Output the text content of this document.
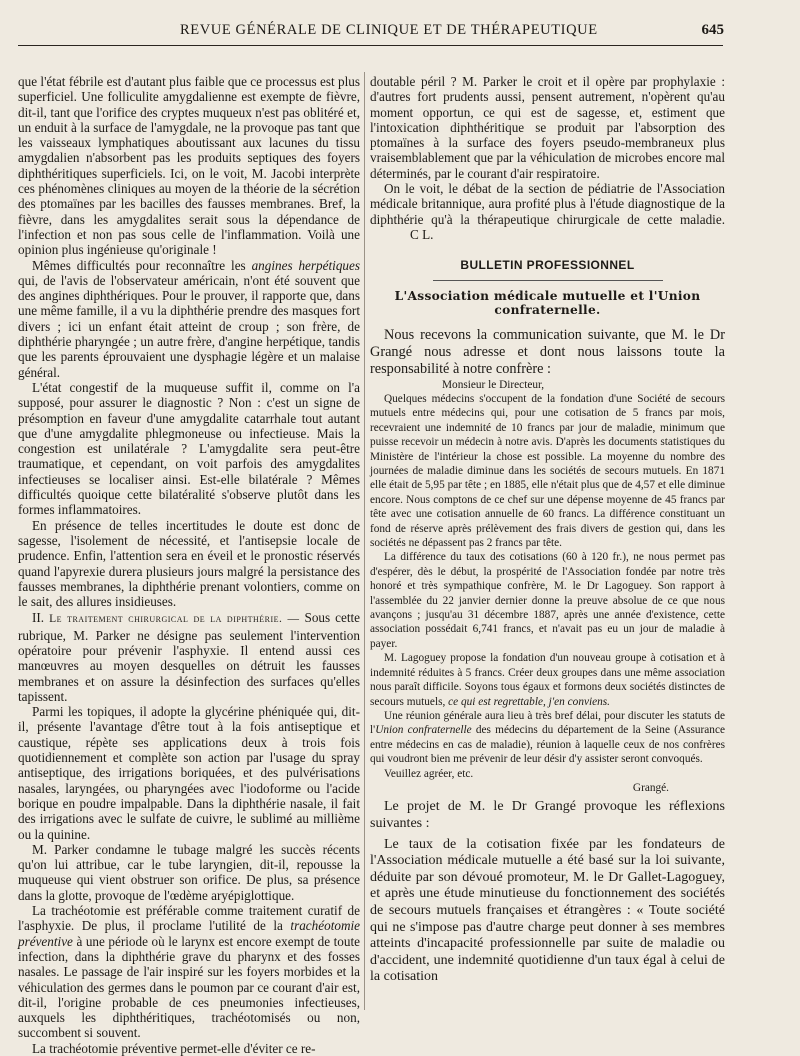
REVUE GÉNÉRALE DE CLINIQUE ET DE THÉRAPEUTIQUE	645

que l'état fébrile est d'autant plus faible que ce processus est plus superficiel. Une folliculite amygdalienne est exempte de fièvre, dit-il, tant que l'orifice des cryptes muqueux n'est pas oblitéré et, un enduit à la surface de l'amygdale, ne la provoque pas tant que les vaisseaux lymphatiques aboutissant aux lacunes du tissu amygdalien n'absorbent pas les produits septiques des foyers diphthéritiques superficiels. Ici, on le voit, M. Jacobi interprète ces phénomènes cliniques au moyen de la théorie de la sécrétion des ptomaïnes par les bacilles des fausses membranes. Bref, la fièvre, dans les amygdalites serait sous la dépendance de l'infection et non pas sous celle de l'inflammation. Voilà une opinion plus ingénieuse qu'originale !

Mêmes difficultés pour reconnaître les angines herpétiques qui, de l'avis de l'observateur américain, n'ont été souvent que des angines diphthériques. Pour le prouver, il rapporte que, dans une même famille, il a vu la diphthérie prendre des masques fort divers ; ici un enfant était atteint de croup ; son frère, de diphthérie pharyngée ; un autre frère, d'angine herpétique, tandis que les parents éprouvaient une dysphagie légère et un malaise général.

L'état congestif de la muqueuse suffit il, comme on l'a supposé, pour assurer le diagnostic ? Non : c'est un signe de présomption en faveur d'une amygdalite catarrhale tout autant que d'une amygdalite phlegmoneuse ou infectieuse. Mais la congestion est unilatérale ? L'amygdalite sera peut-être traumatique, et cependant, on voit parfois des amygdalites infectieuses se localiser ainsi. Est-elle bilatérale ? Mêmes difficultés quoique cette bilatéralité s'observe plutôt dans les formes inflammatoires.

En présence de telles incertitudes le doute est donc de sagesse, l'isolement de nécessité, et l'antisepsie locale de prudence. Enfin, l'attention sera en éveil et le pronostic réservés quand l'apyrexie durera plusieurs jours malgré la persistance des fausses membranes, la diphthérie prenant volontiers, comme on le sait, des allures insidieuses.

II. Le traitement chirurgical de la diphthérie. — Sous cette rubrique, M. Parker ne désigne pas seulement l'intervention opératoire pour prévenir l'asphyxie. Il entend aussi ces manœuvres au moyen desquelles on détruit les fausses membranes et on assure la désinfection des surfaces qu'elles tapissent.

Parmi les topiques, il adopte la glycérine phéniquée qui, dit-il, présente l'avantage d'être tout à la fois antiseptique et caustique, répète ses applications deux à trois fois quotidiennement et complète son action par l'usage du spray antiseptique, des irrigations boriquées, et des pulvérisations nasales, laryngées, ou pharyngées avec l'iodoforme ou l'acide borique en poudre impalpable. Dans la diphthérie nasale, il fait des irrigations avec le sulfate de cuivre, le sublimé au millième ou la quinine.

M. Parker condamne le tubage malgré les succès récents qu'on lui attribue, car le tube laryngien, dit-il, repousse la muqueuse qui vient obstruer son orifice. De plus, sa présence dans la glotte, provoque de l'œdème aryépiglottique.

La trachéotomie est préférable comme traitement curatif de l'asphyxie. De plus, il proclame l'utilité de la trachéotomie préventive à une période où le larynx est encore exempt de toute infection, dans la diphthérie grave du pharynx et des fosses nasales. Le passage de l'air inspiré sur les foyers morbides et la véhiculation des germes dans le poumon par ce courant d'air est, dit-il, l'origine probable de ces pneumonies infectieuses, auxquels les diphthéritiques, trachéotomisés ou non, succombent si souvent.

La trachéotomie préventive permet-elle d'éviter ce re-

doutable péril ? M. Parker le croit et il opère par prophylaxie : d'autres fort prudents aussi, pensent autrement, n'opèrent qu'au moment opportun, ce qui est de sagesse, et, estiment que l'intoxication diphthéritique se produit par l'absorption des ptomaïnes à la surface des foyers pseudo-membraneux plus vraisemblablement que par la véhiculation de microbes encore mal déterminés, par le courant d'air respiratoire.

On le voit, le débat de la section de pédiatrie de l'Association médicale britannique, aura profité plus à l'étude diagnostique de la diphthérie qu'à la thérapeutique chirurgicale de cette maladie. C L.

BULLETIN PROFESSIONNEL
L'Association médicale mutuelle et l'Union confraternelle.

Nous recevons la communication suivante, que M. le Dr Grangé nous adresse et dont nous laissons toute la responsabilité à notre confrère :

Monsieur le Directeur,

Quelques médecins s'occupent de la fondation d'une Société de secours mutuels entre médecins qui, pour une cotisation de 5 francs par mois, recevraient une indemnité de 10 francs par jour de maladie, minimum que puisse recevoir un médecin à notre avis. D'après les documents statistiques du Ministère de l'intérieur la chose est possible. La moyenne du nombre des journées de maladie diminue dans les sociétés de secours mutuels. En 1871 elle était de 5,95 par tête ; en 1885, elle n'était plus que de 4,57 et elle diminue encore. Nous comptons de ce chef sur une dépense moyenne de 45 francs par tête avec une cotisation annuelle de 60 francs. La différence constituant un fond de réserve après prélèvement des frais divers de gestion qui, dans les sociétés ne dépassent pas 2 francs par tête.

La différence du taux des cotisations (60 à 120 fr.), ne nous permet pas d'espérer, dès le début, la prospérité de l'Association fondée par notre très honoré et très sympathique confrère, M. le Dr Lagoguey. Son rapport à l'assemblée du 22 janvier dernier donne la preuve absolue de ce que nous avançons ; jusqu'au 31 décembre 1887, après une année d'existence, cette association possédait 6,741 francs, et n'avait pas eu un jour de maladie à payer.

M. Lagoguey propose la fondation d'un nouveau groupe à cotisation et à indemnité réduites à 5 francs. Créer deux groupes dans une même association nous paraît difficile. Soyons tous égaux et formons deux sociétés distinctes de secours mutuels, ce qui est regrettable, j'en conviens.

Une réunion générale aura lieu à très bref délai, pour discuter les statuts de l'Union confraternelle des médecins du département de la Seine (Assurance entre médecins en cas de maladie), réunion à laquelle ceux de nos confrères qui voudront bien me prévenir de leur désir d'y assister seront convoqués.

Veuillez agréer, etc.

Grangé.

Le projet de M. le Dr Grangé provoque les réflexions suivantes :

Le taux de la cotisation fixée par les fondateurs de l'Association médicale mutuelle a été basé sur la loi suivante, déduite par son dévoué promoteur, M. le Dr Gallet-Lagoguey, et après une étude minutieuse du fonctionnement des sociétés de secours mutuels françaises et étrangères : « Toute société qui ne s'impose pas d'autre charge peut donner à ses membres atteints d'incapacité professionnelle par suite de maladie ou d'accident, une indemnité quotidienne d'un taux égal à celui de la cotisation
